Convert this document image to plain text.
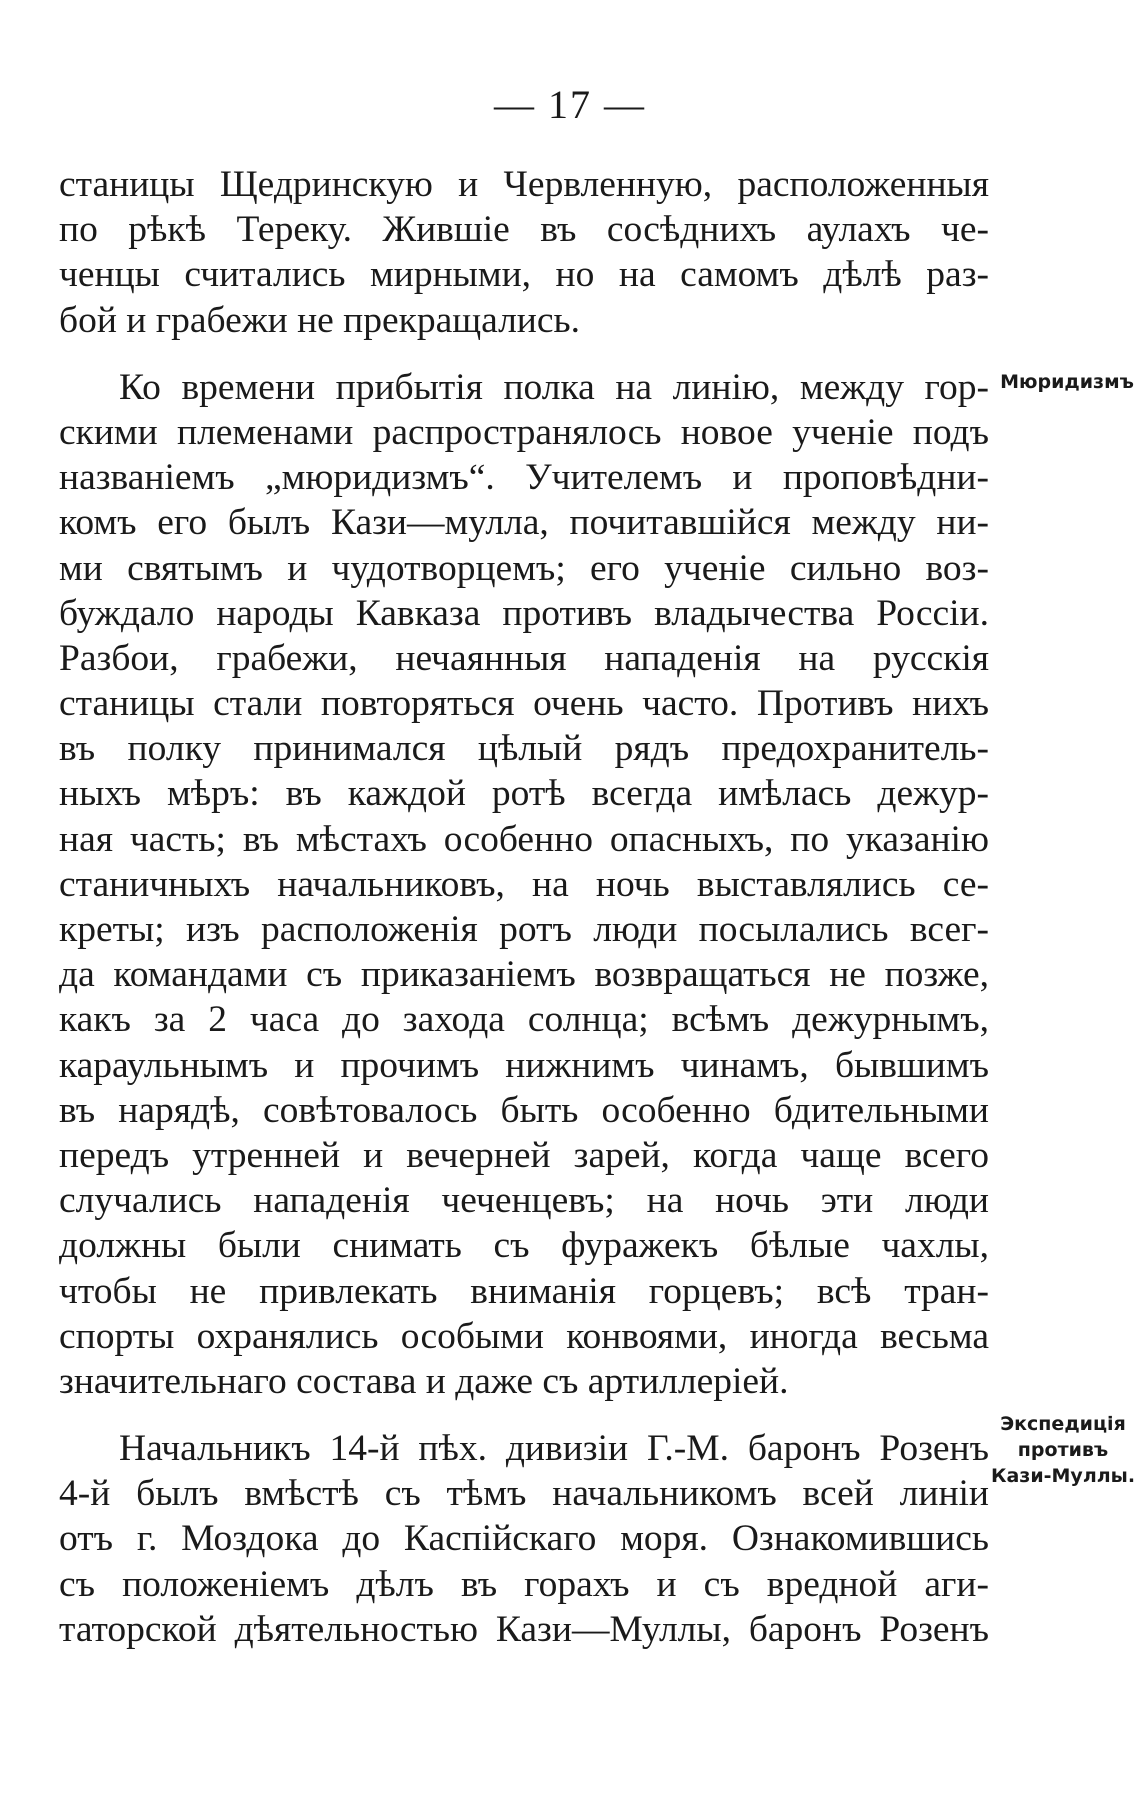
— 17 —
станицы Щедринскую и Червленную, расположенныя
по рѣкѣ Тереку. Жившіе въ сосѣднихъ аулахъ че-
ченцы считались мирными, но на самомъ дѣлѣ раз-
бой и грабежи не прекращались.
Ко времени прибытія полка на линію, между гор-
скими племенами распространялось новое ученіе подъ
названіемъ „мюридизмъ“. Учителемъ и проповѣдни-
комъ его былъ Кази—мулла, почитавшійся между ни-
ми святымъ и чудотворцемъ; его ученіе сильно воз-
буждало народы Кавказа противъ владычества Россіи.
Разбои, грабежи, нечаянныя нападенія на русскія
станицы стали повторяться очень часто. Противъ нихъ
въ полку принимался цѣлый рядъ предохранитель-
ныхъ мѣръ: въ каждой ротѣ всегда имѣлась дежур-
ная часть; въ мѣстахъ особенно опасныхъ, по указанію
станичныхъ начальниковъ, на ночь выставлялись се-
креты; изъ расположенія ротъ люди посылались всег-
да командами съ приказаніемъ возвращаться не позже,
какъ за 2 часа до захода солнца; всѣмъ дежурнымъ,
караульнымъ и прочимъ нижнимъ чинамъ, бывшимъ
въ нарядѣ, совѣтовалось быть особенно бдительными
передъ утренней и вечерней зарей, когда чаще всего
случались нападенія чеченцевъ; на ночь эти люди
должны были снимать съ фуражекъ бѣлые чахлы,
чтобы не привлекать вниманія горцевъ; всѣ тран-
спорты охранялись особыми конвоями, иногда весьма
значительнаго состава и даже съ артиллеріей.
Начальникъ 14-й пѣх. дивизіи Г.-М. баронъ Розенъ
4-й былъ вмѣстѣ съ тѣмъ начальникомъ всей линіи
отъ г. Моздока до Каспійскаго моря. Ознакомившись
съ положеніемъ дѣлъ въ горахъ и съ вредной аги-
таторской дѣятельностью Кази—Муллы, баронъ Розенъ
Мюридизмъ
Экспедиція
противъ
Кази-Муллы.
